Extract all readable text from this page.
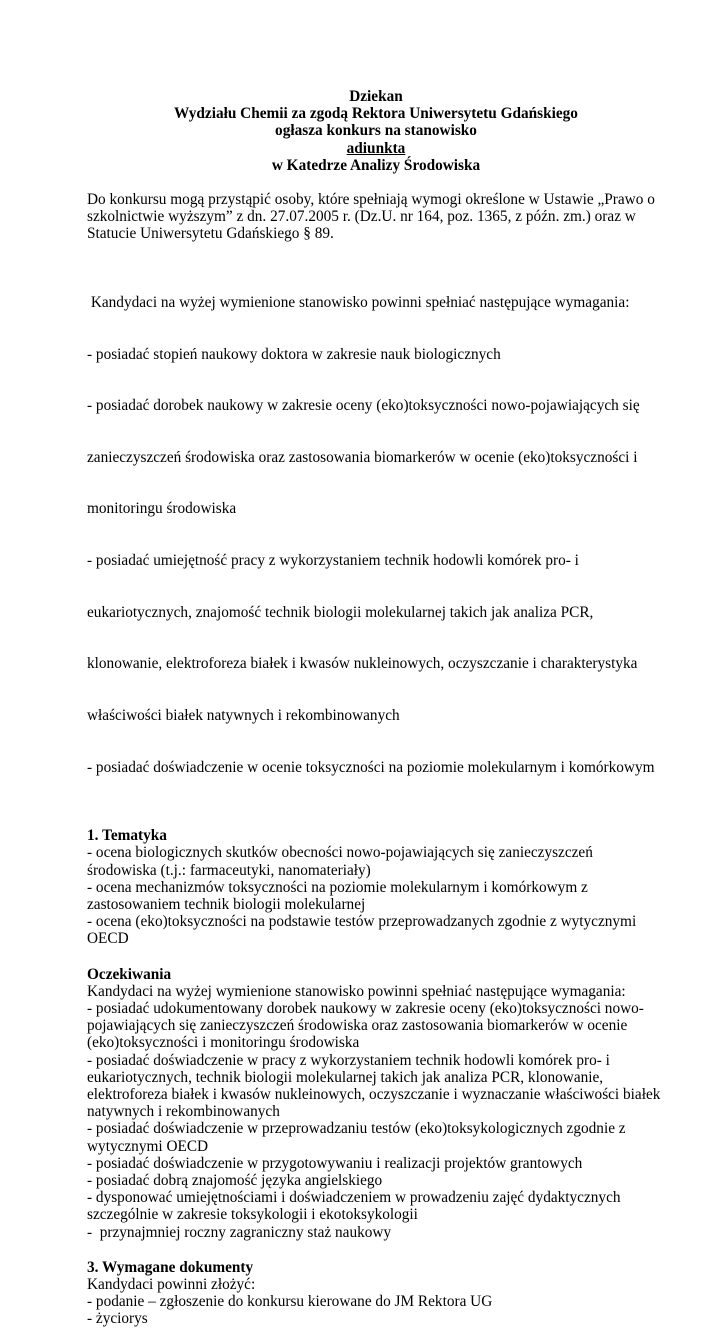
Dziekan
Wydziału Chemii za zgodą Rektora Uniwersytetu Gdańskiego
ogłasza konkurs na stanowisko
adiunkta
w Katedrze Analizy Środowiska
Do konkursu mogą przystąpić osoby, które spełniają wymogi określone w Ustawie „Prawo o
szkolnictwie wyższym” z dn. 27.07.2005 r. (Dz.U. nr 164, poz. 1365, z późn. zm.) oraz w
Statucie Uniwersytetu Gdańskiego § 89.

Kandydaci na wyżej wymienione stanowisko powinni spełniać następujące wymagania:

- posiadać stopień naukowy doktora w zakresie nauk biologicznych

- posiadać dorobek naukowy w zakresie oceny (eko)toksyczności nowo-pojawiających się

zanieczyszczeń środowiska oraz zastosowania biomarkerów w ocenie (eko)toksyczności i

monitoringu środowiska

- posiadać umiejętność pracy z wykorzystaniem technik hodowli komórek pro- i

eukariotycznych, znajomość technik biologii molekularnej takich jak analiza PCR,

klonowanie, elektroforeza białek i kwasów nukleinowych, oczyszczanie i charakterystyka

właściwości białek natywnych i rekombinowanych

- posiadać doświadczenie w ocenie toksyczności na poziomie molekularnym i komórkowym

1. Tematyka
- ocena biologicznych skutków obecności nowo-pojawiających się zanieczyszczeń
środowiska (t.j.: farmaceutyki, nanomateriały)
- ocena mechanizmów toksyczności na poziomie molekularnym i komórkowym z
zastosowaniem technik biologii molekularnej
- ocena (eko)toksyczności na podstawie testów przeprowadzanych zgodnie z wytycznymi
OECD
Oczekiwania
Kandydaci na wyżej wymienione stanowisko powinni spełniać następujące wymagania:
- posiadać udokumentowany dorobek naukowy w zakresie oceny (eko)toksyczności nowo-
pojawiających się zanieczyszczeń środowiska oraz zastosowania biomarkerów w ocenie
(eko)toksyczności i monitoringu środowiska
- posiadać doświadczenie w pracy z wykorzystaniem technik hodowli komórek pro- i
eukariotycznych, technik biologii molekularnej takich jak analiza PCR, klonowanie,
elektroforeza białek i kwasów nukleinowych, oczyszczanie i wyznaczanie właściwości białek
natywnych i rekombinowanych
- posiadać doświadczenie w przeprowadzaniu testów (eko)toksykologicznych zgodnie z
wytycznymi OECD
- posiadać doświadczenie w przygotowywaniu i realizacji projektów grantowych
- posiadać dobrą znajomość języka angielskiego
- dysponować umiejętnościami i doświadczeniem w prowadzeniu zajęć dydaktycznych
szczególnie w zakresie toksykologii i ekotoksykologii
-  przynajmniej roczny zagraniczny staż naukowy
3. Wymagane dokumenty
Kandydaci powinni złożyć:
- podanie – zgłoszenie do konkursu kierowane do JM Rektora UG
- życiorys
